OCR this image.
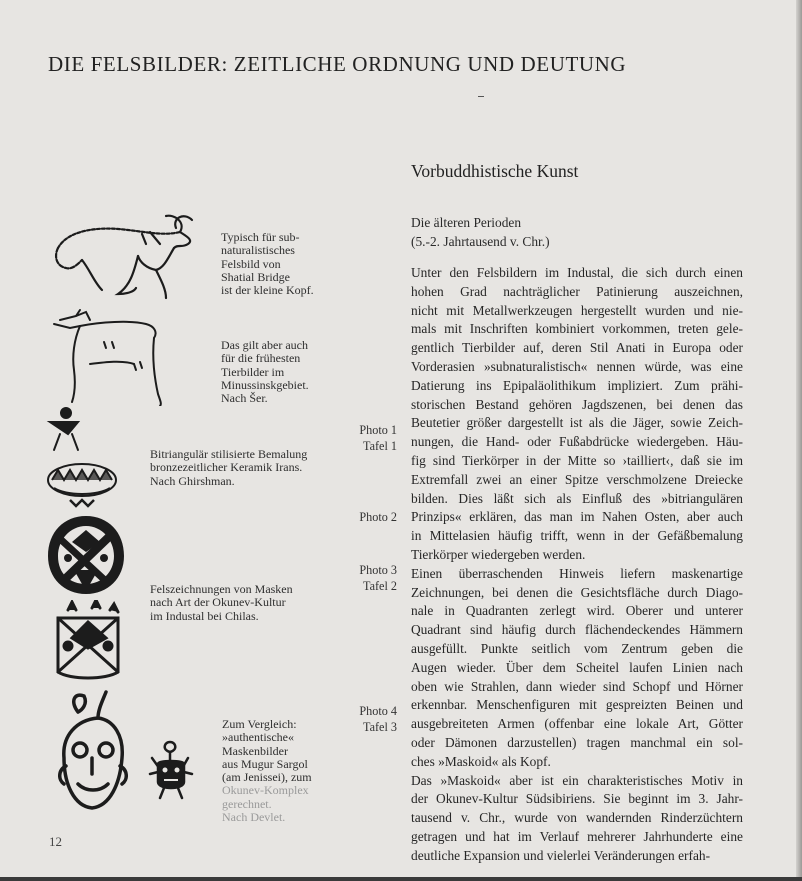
DIE FELSBILDER: ZEITLICHE ORDNUNG UND DEUTUNG
Vorbuddhistische Kunst
Die älteren Perioden
(5.-2. Jahrtausend v. Chr.)
Unter den Felsbildern im Industal, die sich durch einen
hohen Grad nachträglicher Patinierung auszeichnen,
nicht mit Metallwerkzeugen hergestellt wurden und nie-
mals mit Inschriften kombiniert vorkommen, treten gele-
gentlich Tierbilder auf, deren Stil Anati in Europa oder
Vorderasien »subnaturalistisch« nennen würde, was eine
Datierung ins Epipaläolithikum impliziert. Zum prähi-
storischen Bestand gehören Jagdszenen, bei denen das
Beutetier größer dargestellt ist als die Jäger, sowie Zeich-
nungen, die Hand- oder Fußabdrücke wiedergeben. Häu-
fig sind Tierkörper in der Mitte so ›tailliert‹, daß sie im
Extremfall zwei an einer Spitze verschmolzene Dreiecke
bilden. Dies läßt sich als Einfluß des »bitriangulären
Prinzips« erklären, das man im Nahen Osten, aber auch
in Mittelasien häufig trifft, wenn in der Gefäßbemalung
Tierkörper wiedergeben werden.
Einen überraschenden Hinweis liefern maskenartige
Zeichnungen, bei denen die Gesichtsfläche durch Diago-
nale in Quadranten zerlegt wird. Oberer und unterer
Quadrant sind häufig durch flächendeckendes Hämmern
ausgefüllt. Punkte seitlich vom Zentrum geben die
Augen wieder. Über dem Scheitel laufen Linien nach
oben wie Strahlen, dann wieder sind Schopf und Hörner
erkennbar. Menschenfiguren mit gespreizten Beinen und
ausgebreiteten Armen (offenbar eine lokale Art, Götter
oder Dämonen darzustellen) tragen manchmal ein sol-
ches »Maskoid« als Kopf.
Das »Maskoid« aber ist ein charakteristisches Motiv in
der Okunev-Kultur Südsibiriens. Sie beginnt im 3. Jahr-
tausend v. Chr., wurde von wandernden Rinderzüchtern
getragen und hat im Verlauf mehrerer Jahrhunderte eine
deutliche Expansion und vielerlei Veränderungen erfah-
Photo 1
Tafel 1
Photo 2
Photo 3
Tafel 2
Photo 4
Tafel 3
Typisch für sub-
naturalistisches
Felsbild von
Shatial Bridge
ist der kleine Kopf.
Das gilt aber auch
für die frühesten
Tierbilder im
Minussinskgebiet.
Nach Šer.
Bitriangulär stilisierte Bemalung
bronzezeitlicher Keramik Irans.
Nach Ghirshman.
Felszeichnungen von Masken
nach Art der Okunev-Kultur
im Industal bei Chilas.
Zum Vergleich:
»authentische«
Maskenbilder
aus Mugur Sargol
(am Jenissei), zum
Okunev-Komplex
gerechnet.
Nach Devlet.
12
